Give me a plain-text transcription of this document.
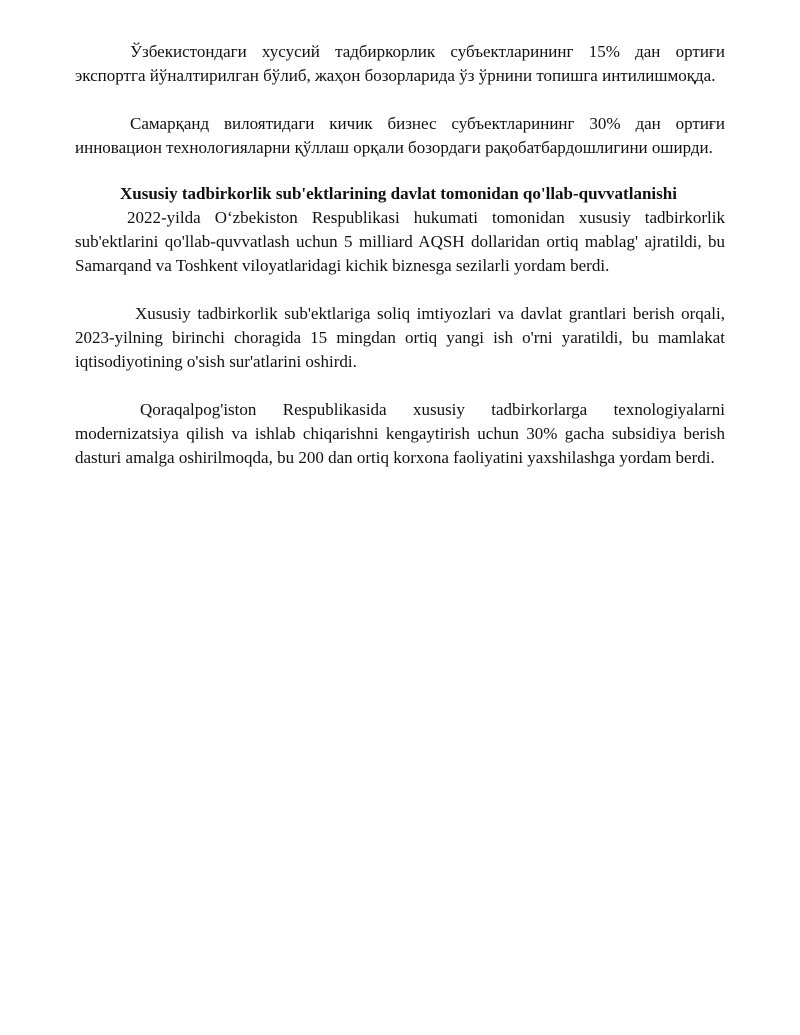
Ўзбекистондаги хусусий тадбиркорлик субъектларининг 15% дан ортиғи экспортга йўналтирилган бўлиб, жаҳон бозорларида ўз ўрнини топишга интилишмоқда.

Самарқанд вилоятидаги кичик бизнес субъектларининг 30% дан ортиғи инновацион технологияларни қўллаш орқали бозордаги рақобатбардошлигини оширди.

Xususiy tadbirkorlik sub'ektlarining davlat tomonidan qo'llab-quvvatlanishi

2022-yilda O‘zbekiston Respublikasi hukumati tomonidan xususiy tadbirkorlik sub'ektlarini qo'llab-quvvatlash uchun 5 milliard AQSH dollaridan ortiq mablag' ajratildi, bu Samarqand va Toshkent viloyatlaridagi kichik biznesga sezilarli yordam berdi.

Xususiy tadbirkorlik sub'ektlariga soliq imtiyozlari va davlat grantlari berish orqali, 2023-yilning birinchi choragida 15 mingdan ortiq yangi ish o'rni yaratildi, bu mamlakat iqtisodiyotining o'sish sur'atlarini oshirdi.

Qoraqalpog'iston Respublikasida xususiy tadbirkorlarga texnologiyalarni modernizatsiya qilish va ishlab chiqarishni kengaytirish uchun 30% gacha subsidiya berish dasturi amalga oshirilmoqda, bu 200 dan ortiq korxona faoliyatini yaxshilashga yordam berdi.
